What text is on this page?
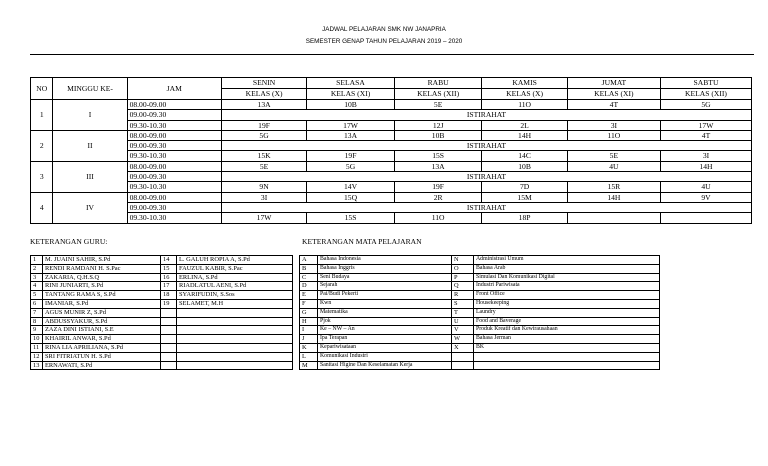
JADWAL PELAJARAN SMK NW JANAPRIA
SEMESTER GENAP TAHUN PELAJARAN 2019 – 2020
NO	MINGGU KE-	JAM	SENIN	SELASA	RABU	KAMIS	JUMAT	SABTU
			KELAS (X)	KELAS (XI)	KELAS (XII)	KELAS (X)	KELAS (XI)	KELAS (XII)
1	I	08.00-09.00	13A	10B	5E	11O	4T	5G
		09.00-09.30	ISTIRAHAT					
		09.30-10.30	19F	17W	12J	2L	3I	17W
2	II	08.00-09.00	5G	13A	10B	14H	11O	4T
		09.00-09.30	ISTIRAHAT					
		09.30-10.30	15K	19F	15S	14C	5E	3I
3	III	08.00-09.00	5E	5G	13A	10B	4U	14H
		09.00-09.30	ISTIRAHAT					
		09.30-10.30	9N	14V	19F	7D	15R	4U
4	IV	08.00-09.00	3I	15Q	2R	15M	14H	9V
		09.00-09.30	ISTIRAHAT					
		09.30-10.30	17W	15S	11O	18P		
KETERANGAN GURU:	KETERANGAN MATA PELAJARAN
1	M. JUAINI SAHIR, S.Pd	14	L. GALUH ROPIA A, S.Pd
2	RENDI RAMDANI H. S.Pac	15	FAUZUL KABIR, S.Pac
3	ZAKARIA, Q.H.S.Q	16	ERLINA, S.Pd
4	RINI JUNIARTI, S.Pd	17	RIADLATUL AENI, S.Pd
5	TANTANG RAMA S, S.Pd	18	SYARIFUDIN, S.Sos
6	IMANIAR, S.Pd	19	SELAMET, M.H
7	AGUS MUNIR Z, S.Pd		
8	ABDUSSYAKUR, S.Pd		
9	ZAZA DINI ISTIANI, S.E		
10	KHAIRIL ANWAR, S.Pd		
11	RINA LIA APRILIANA, S.Pd		
12	SRI FITRIATUN H. S.Pd		
13	ERNAWATI, S.Pd		
A	Bahasa Indonesia	N	Administrasi Umum
B	Bahasa Inggris	O	Bahasa Arab
C	Seni Budaya	P	Simulasi Dan Komunikasi Digital
D	Sejarah	Q	Industri Pariwisata
E	Pai/Budi Pekerti	R	Front Office
F	Kwn	S	Housekeeping
G	Matematika	T	Laundry
H	Pjok	U	Food and Baverage
I	Ke – NW – An	V	Produk Kreatif dan Kewirausahaan
J	Ipa Terapan	W	Bahasa Jerman
K	Kepariwisataan	X	BK
L	Komunikasi Industri		
M	Sanitasi Higine Dan Keselamatan Kerja		
